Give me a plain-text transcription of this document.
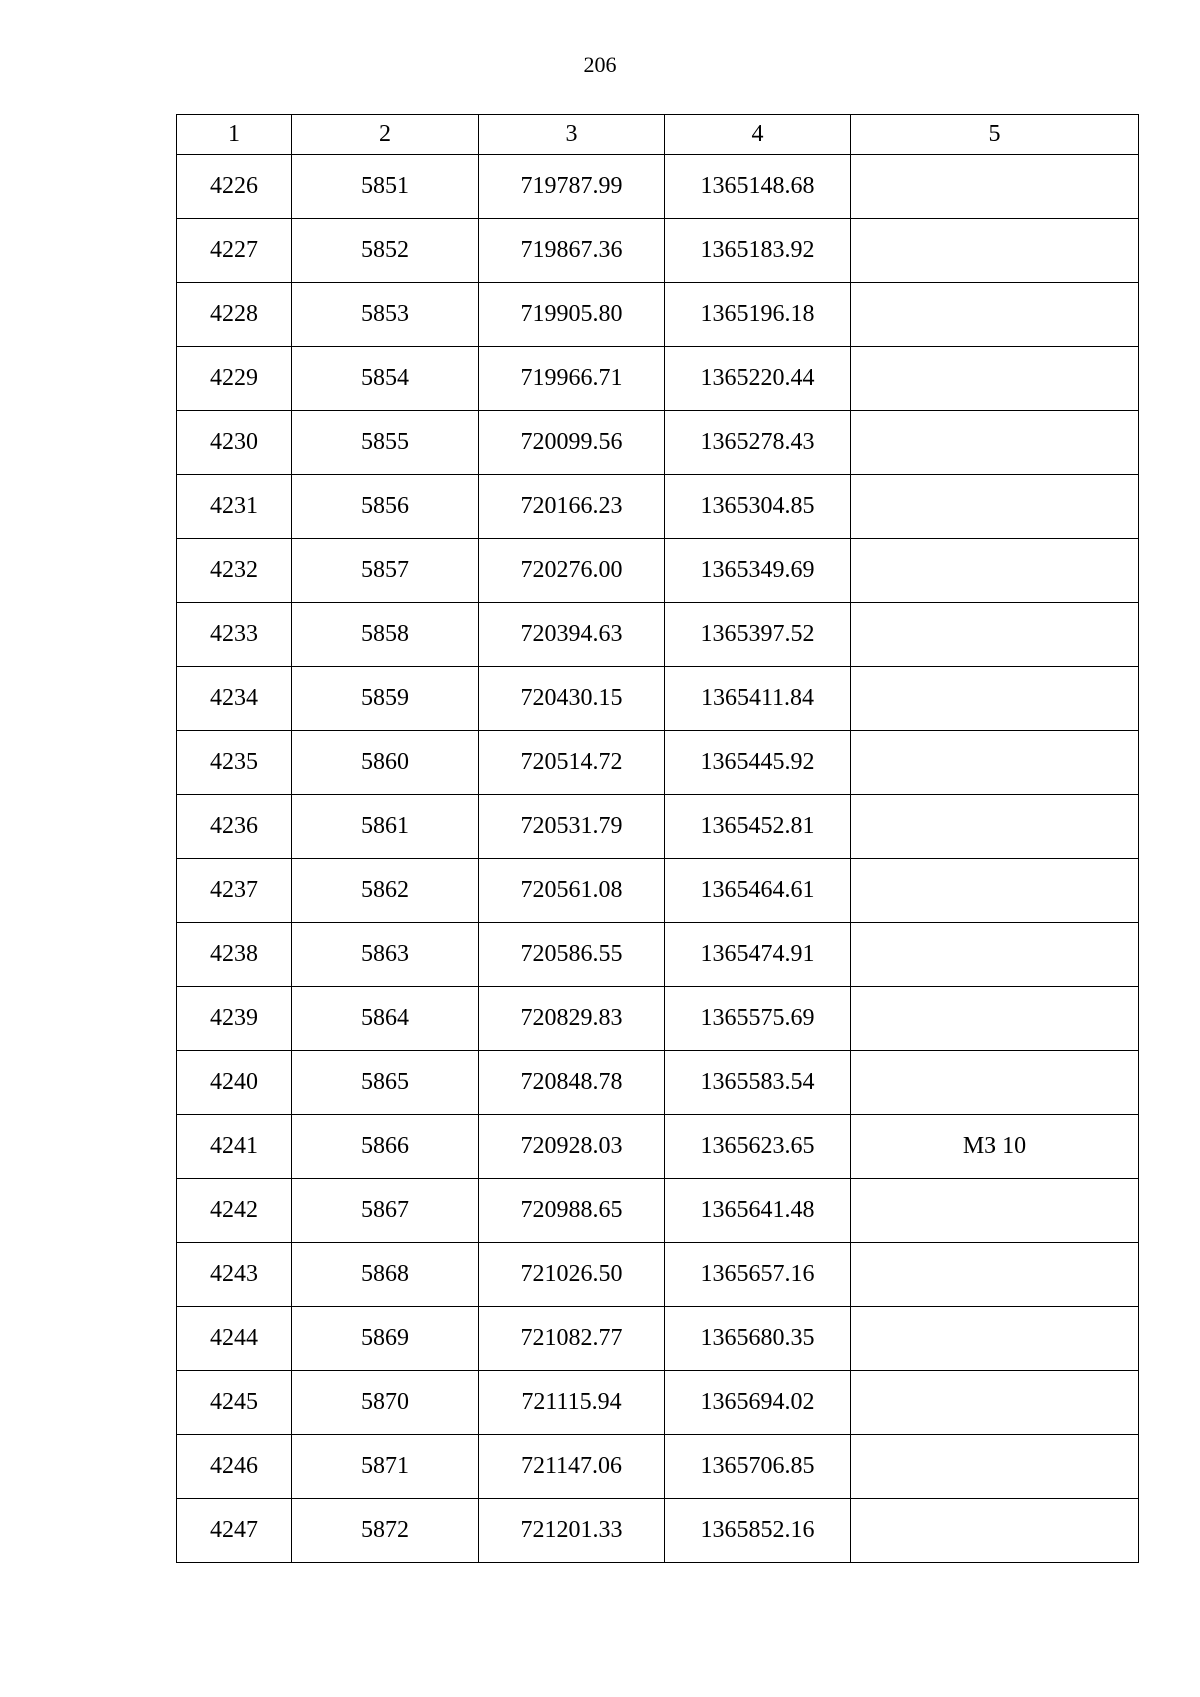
206
1	2	3	4	5
4226	5851	719787.99	1365148.68	
4227	5852	719867.36	1365183.92	
4228	5853	719905.80	1365196.18	
4229	5854	719966.71	1365220.44	
4230	5855	720099.56	1365278.43	
4231	5856	720166.23	1365304.85	
4232	5857	720276.00	1365349.69	
4233	5858	720394.63	1365397.52	
4234	5859	720430.15	1365411.84	
4235	5860	720514.72	1365445.92	
4236	5861	720531.79	1365452.81	
4237	5862	720561.08	1365464.61	
4238	5863	720586.55	1365474.91	
4239	5864	720829.83	1365575.69	
4240	5865	720848.78	1365583.54	
4241	5866	720928.03	1365623.65	МЗ 10
4242	5867	720988.65	1365641.48	
4243	5868	721026.50	1365657.16	
4244	5869	721082.77	1365680.35	
4245	5870	721115.94	1365694.02	
4246	5871	721147.06	1365706.85	
4247	5872	721201.33	1365852.16	
